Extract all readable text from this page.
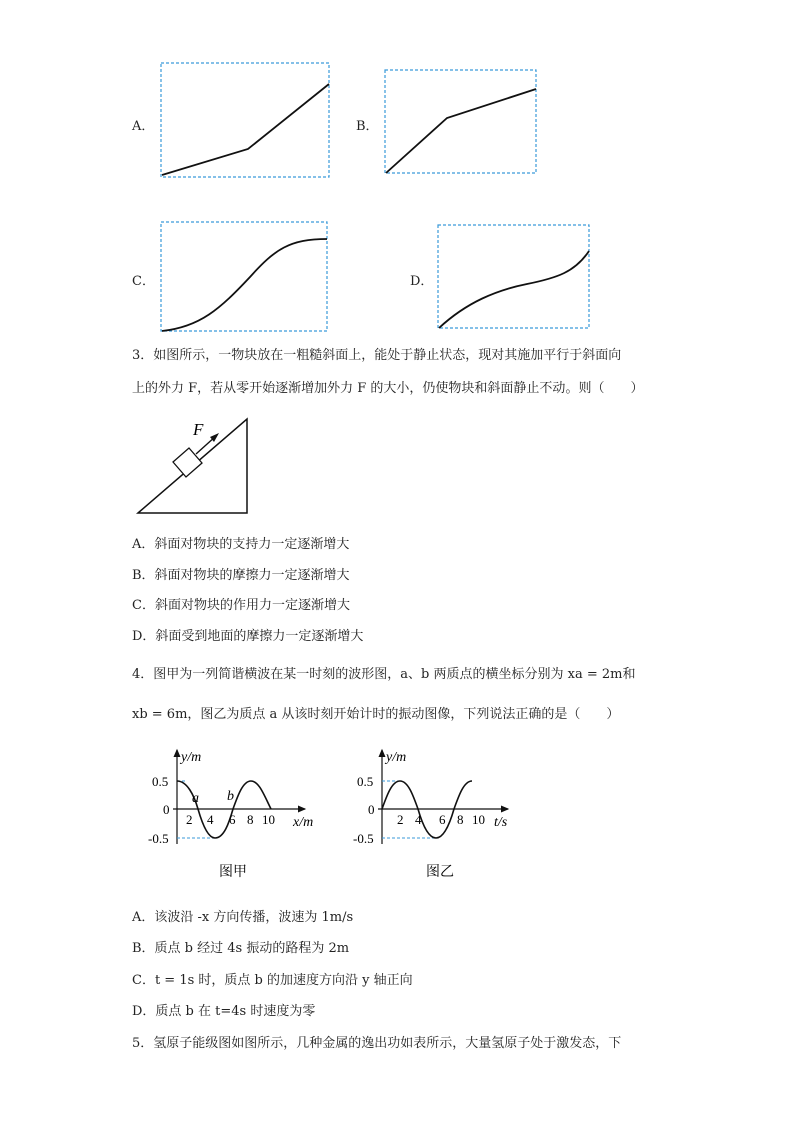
A．	B．
C．	D．
3．如图所示，一物块放在一粗糙斜面上，能处于静止状态，现对其施加平行于斜面向
上的外力 F，若从零开始逐渐增加外力 F 的大小，仍使物块和斜面静止不动。则（　　）
F
A．斜面对物块的支持力一定逐渐增大
B．斜面对物块的摩擦力一定逐渐增大
C．斜面对物块的作用力一定逐渐增大
D．斜面受到地面的摩擦力一定逐渐增大
4．图甲为一列简谐横波在某一时刻的波形图，a、b 两质点的横坐标分别为 xa = 2m和
xb = 6m，图乙为质点 a 从该时刻开始计时的振动图像，下列说法正确的是（　　）
y/m
0.5
0
-0.5
2 4 6 8 10 x/m
a b
图甲
y/m
0.5
0
-0.5
2 4 6 8 10 t/s
图乙
A．该波沿 -x 方向传播，波速为 1m/s
B．质点 b 经过 4s 振动的路程为 2m
C．t = 1s 时，质点 b 的加速度方向沿 y 轴正向
D．质点 b 在 t=4s 时速度为零
5．氢原子能级图如图所示，几种金属的逸出功如表所示，大量氢原子处于激发态，下
